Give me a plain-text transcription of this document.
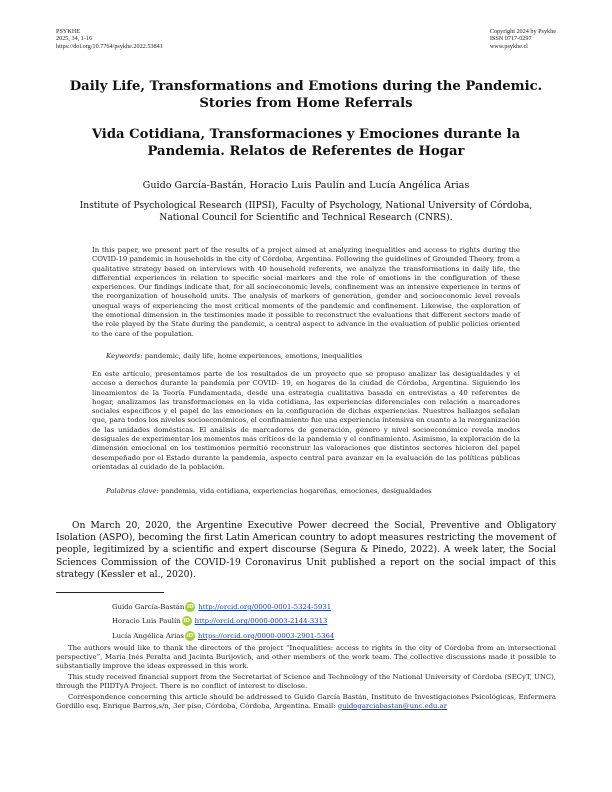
PSYKHE
2025, 34, 1-16
https://doi.org/10.7764/psykhe.2022.53841
Copyright 2024 by Psykhe
ISSN 0717-0297
www.psykhe.cl
Daily Life, Transformations and Emotions during the Pandemic.
Stories from Home Referrals
Vida Cotidiana, Transformaciones y Emociones durante la
Pandemia. Relatos de Referentes de Hogar
Guido García-Bastán, Horacio Luis Paulín and Lucía Angélica Arias
Institute of Psychological Research (IIPSI), Faculty of Psychology, National University of Córdoba,
National Council for Scientific and Technical Research (CNRS).
In this paper, we present part of the results of a project aimed at analyzing inequalities and access to rights during the COVID-19 pandemic in households in the city of Córdoba, Argentina. Following the guidelines of Grounded Theory, from a qualitative strategy based on interviews with 40 household referents, we analyze the transformations in daily life, the differential experiences in relation to specific social markers and the role of emotions in the configuration of these experiences. Our findings indicate that, for all socioeconomic levels, confinement was an intensive experience in terms of the reorganization of household units. The analysis of markers of generation, gender and socioeconomic level reveals unequal ways of experiencing the most critical moments of the pandemic and confinement. Likewise, the exploration of the emotional dimension in the testimonies made it possible to reconstruct the evaluations that different sectors made of the role played by the State during the pandemic, a central aspect to advance in the evaluation of public policies oriented to the care of the population.
Keywords: pandemic, daily life, home experiences, emotions, inequalities
En este artículo, presentamos parte de los resultados de un proyecto que se propuso analizar las desigualdades y el acceso a derechos durante la pandemia por COVID- 19, en hogares de la ciudad de Córdoba, Argentina. Siguiendo los lineamientos de la Teoría Fundamentada, desde una estrategia cualitativa basada en entrevistas a 40 referentes de hogar, analizamos las transformaciones en la vida cotidiana, las experiencias diferenciales con relación a marcadores sociales específicos y el papel de las emociones en la configuración de dichas experiencias. Nuestros hallazgos señalan que, para todos los niveles socioeconómicos, el confinamiento fue una experiencia intensiva en cuanto a la reorganización de las unidades domésticas. El análisis de marcadores de generación, género y nivel socioeconómico revela modos desiguales de experimentar los momentos más críticos de la pandemia y el confinamiento. Asimismo, la exploración de la dimensión emocional en los testimonios permitió reconstruir las valoraciones que distintos sectores hicieron del papel desempeñado por el Estado durante la pandemia, aspecto central para avanzar en la evaluación de las políticas públicas orientadas al cuidado de la población.
Palabras clave: pandemia, vida cotidiana, experiencias hogareñas, emociones, desigualdades
On March 20, 2020, the Argentine Executive Power decreed the Social, Preventive and Obligatory Isolation (ASPO), becoming the first Latin American country to adopt measures restricting the movement of people, legitimized by a scientific and expert discourse (Segura & Pinedo, 2022). A week later, the Social Sciences Commission of the COVID-19 Coronavirus Unit published a report on the social impact of this strategy (Kessler et al., 2020).
Guido García-Bastán iD http://orcid.org/0000-0001-5324-5931
Horacio Luis Paulín iD http://orcid.org/0000-0003-2144-3313
Lucía Angélica Arias iD https://orcid.org/0000-0003-2901-5364

The authors would like to thank the directors of the project “Inequalities: access to rights in the city of Córdoba from an intersectional perspective”, María Inés Peralta and Jacinta Burijovich, and other members of the work team. The collective discussions made it possible to substantially improve the ideas expressed in this work.

This study received financial support from the Secretariat of Science and Technology of the National University of Córdoba (SECyT, UNC), through the PIIDTyA Project. There is no conflict of interest to disclose.

Correspondence concerning this article should be addressed to Guido García Bastán, Instituto de Investigaciones Psicológicas, Enfermera Gordillo esq. Enrique Barros,s/n, 3er piso, Córdoba, Córdoba, Argentina. Email: guidogarciabastan@unc.edu.ar
